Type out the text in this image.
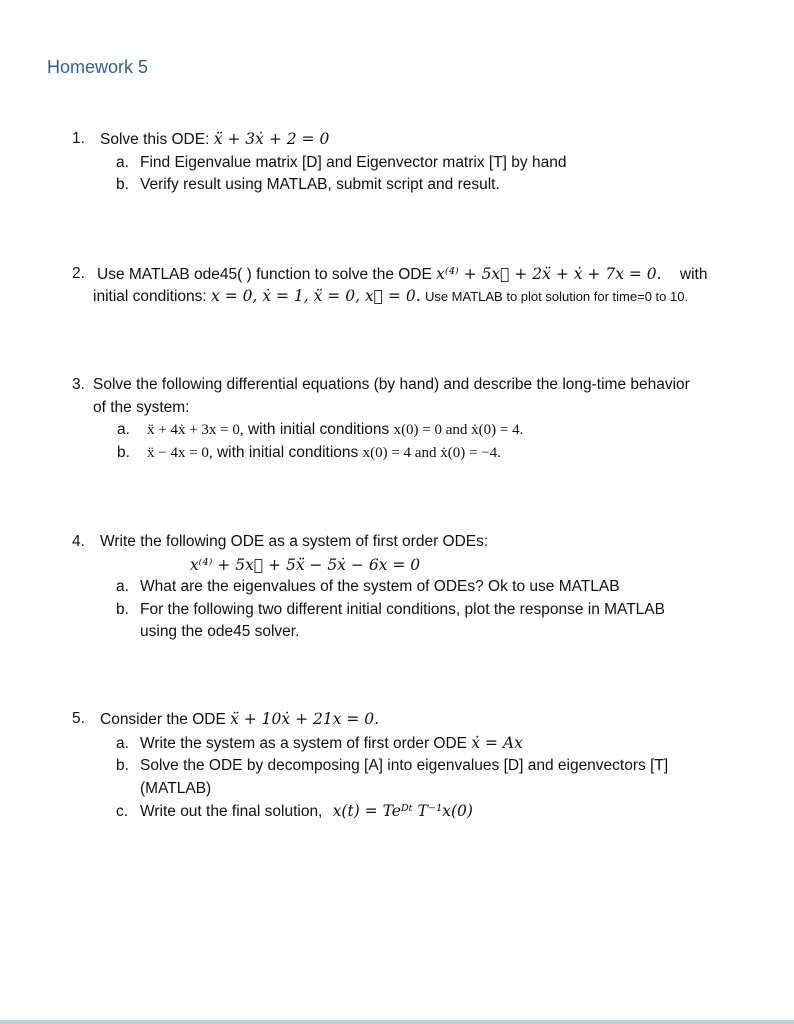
Homework 5
1. Solve this ODE: ẍ + 3ẋ + 2 = 0
a. Find Eigenvalue matrix [D] and Eigenvector matrix [T] by hand
b. Verify result using MATLAB, submit script and result.
2. Use MATLAB ode45( ) function to solve the ODE x⁽⁴⁾ + 5x⃛ + 2ẍ + ẋ + 7x = 0. with
initial conditions: x = 0, ẋ = 1, ẍ = 0, x⃛ = 0. Use MATLAB to plot solution for time=0 to 10.
3. Solve the following differential equations (by hand) and describe the long-time behavior
of the system:
a. ẍ + 4ẋ + 3x = 0, with initial conditions x(0) = 0 and ẋ(0) = 4.
b. ẍ − 4x = 0, with initial conditions x(0) = 4 and ẋ(0) = −4.
4. Write the following ODE as a system of first order ODEs:
x⁽⁴⁾ + 5x⃛ + 5ẍ − 5ẋ − 6x = 0
a. What are the eigenvalues of the system of ODEs? Ok to use MATLAB
b. For the following two different initial conditions, plot the response in MATLAB
using the ode45 solver.
5. Consider the ODE ẍ + 10ẋ + 21x = 0.
a. Write the system as a system of first order ODE ẋ = Ax
b. Solve the ODE by decomposing [A] into eigenvalues [D] and eigenvectors [T]
(MATLAB)
c. Write out the final solution, x(t) = Teᴰᵗ T⁻¹x(0)
